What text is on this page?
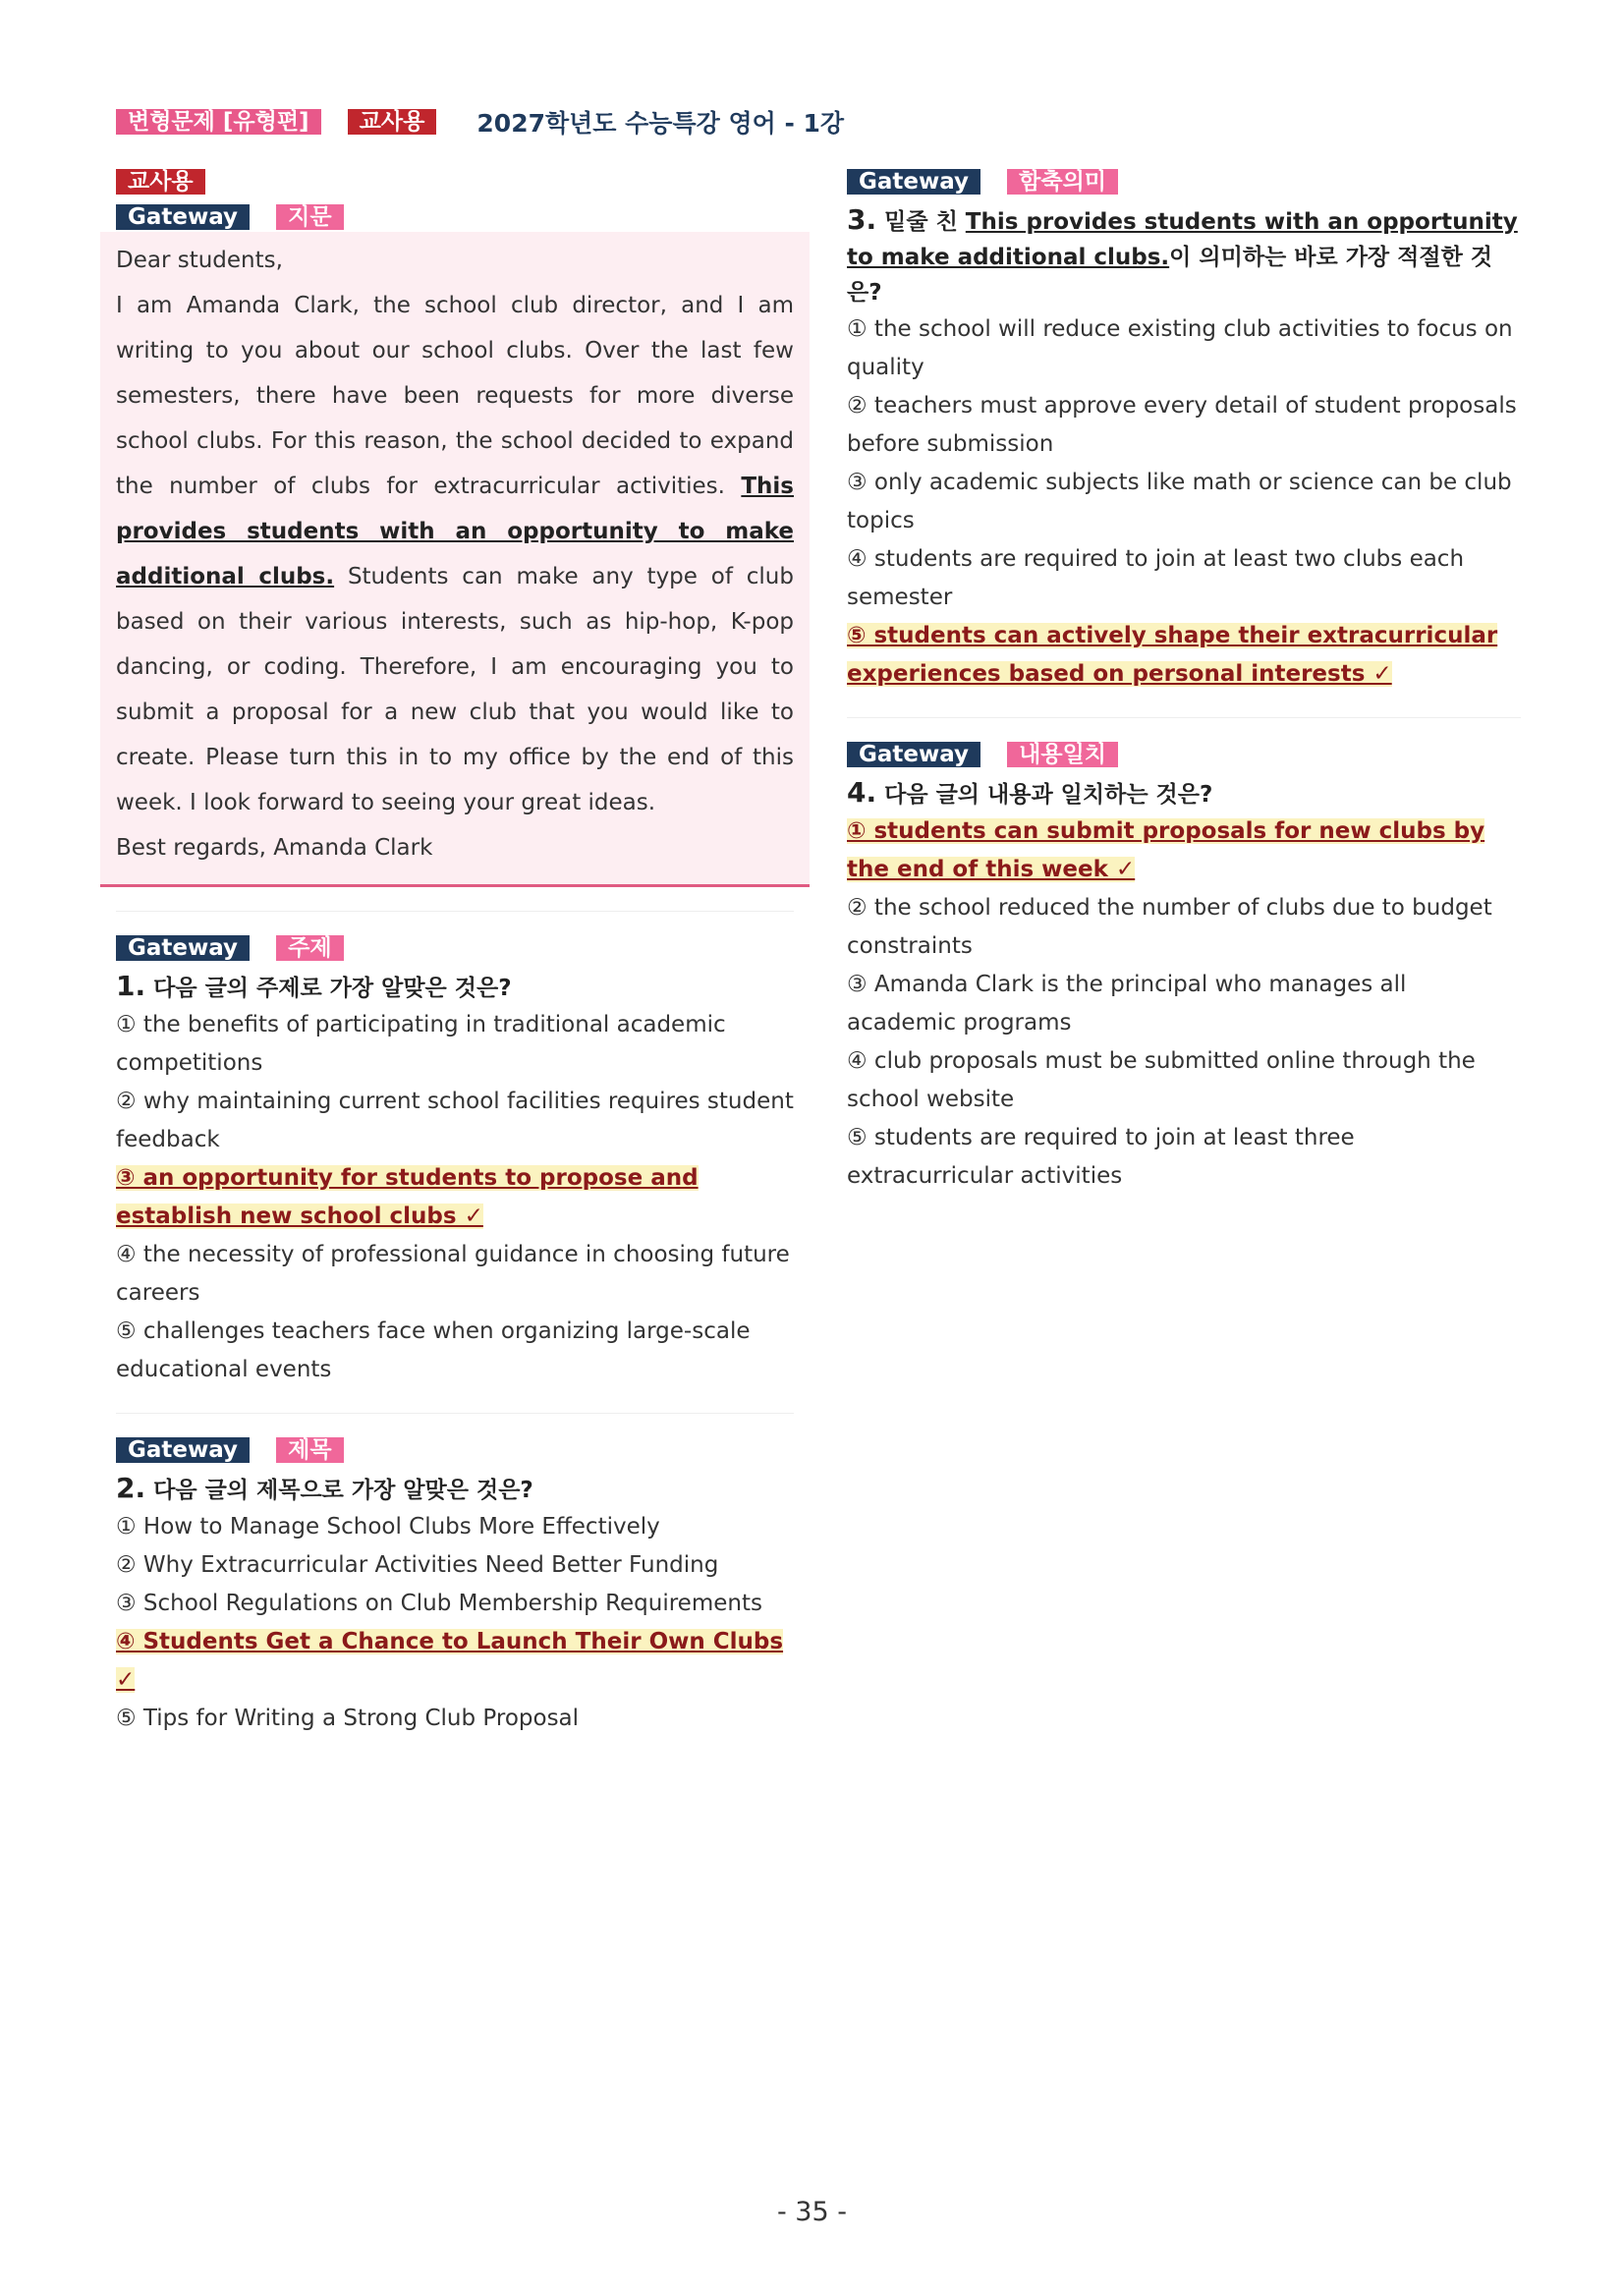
변형문제 [유형편] 교사용 2027학년도 수능특강 영어 - 1강
교사용
Gateway 지문

Dear students,

I am Amanda Clark, the school club director, and I am writing to you about our school clubs. Over the last few semesters, there have been requests for more diverse school clubs. For this reason, the school decided to expand the number of clubs for extracurricular activities. This provides students with an opportunity to make additional clubs. Students can make any type of club based on their various interests, such as hip-hop, K-pop dancing, or coding. Therefore, I am encouraging you to submit a proposal for a new club that you would like to create. Please turn this in to my office by the end of this week. I look forward to seeing your great ideas.

Best regards, Amanda Clark

Gateway 주제
1. 다음 글의 주제로 가장 알맞은 것은?
① the benefits of participating in traditional academic competitions
② why maintaining current school facilities requires student feedback
③ an opportunity for students to propose and establish new school clubs ✓
④ the necessity of professional guidance in choosing future careers
⑤ challenges teachers face when organizing large-scale educational events
Gateway 제목
2. 다음 글의 제목으로 가장 알맞은 것은?
① How to Manage School Clubs More Effectively
② Why Extracurricular Activities Need Better Funding
③ School Regulations on Club Membership Requirements
④ Students Get a Chance to Launch Their Own Clubs ✓
⑤ Tips for Writing a Strong Club Proposal
Gateway 함축의미
3. 밑줄 친 This provides students with an opportunity to make additional clubs.이 의미하는 바로 가장 적절한 것은?
① the school will reduce existing club activities to focus on quality
② teachers must approve every detail of student proposals before submission
③ only academic subjects like math or science can be club topics
④ students are required to join at least two clubs each semester
⑤ students can actively shape their extracurricular experiences based on personal interests ✓
Gateway 내용일치
4. 다음 글의 내용과 일치하는 것은?
① students can submit proposals for new clubs by the end of this week ✓
② the school reduced the number of clubs due to budget constraints
③ Amanda Clark is the principal who manages all academic programs
④ club proposals must be submitted online through the school website
⑤ students are required to join at least three extracurricular activities
- 35 -
